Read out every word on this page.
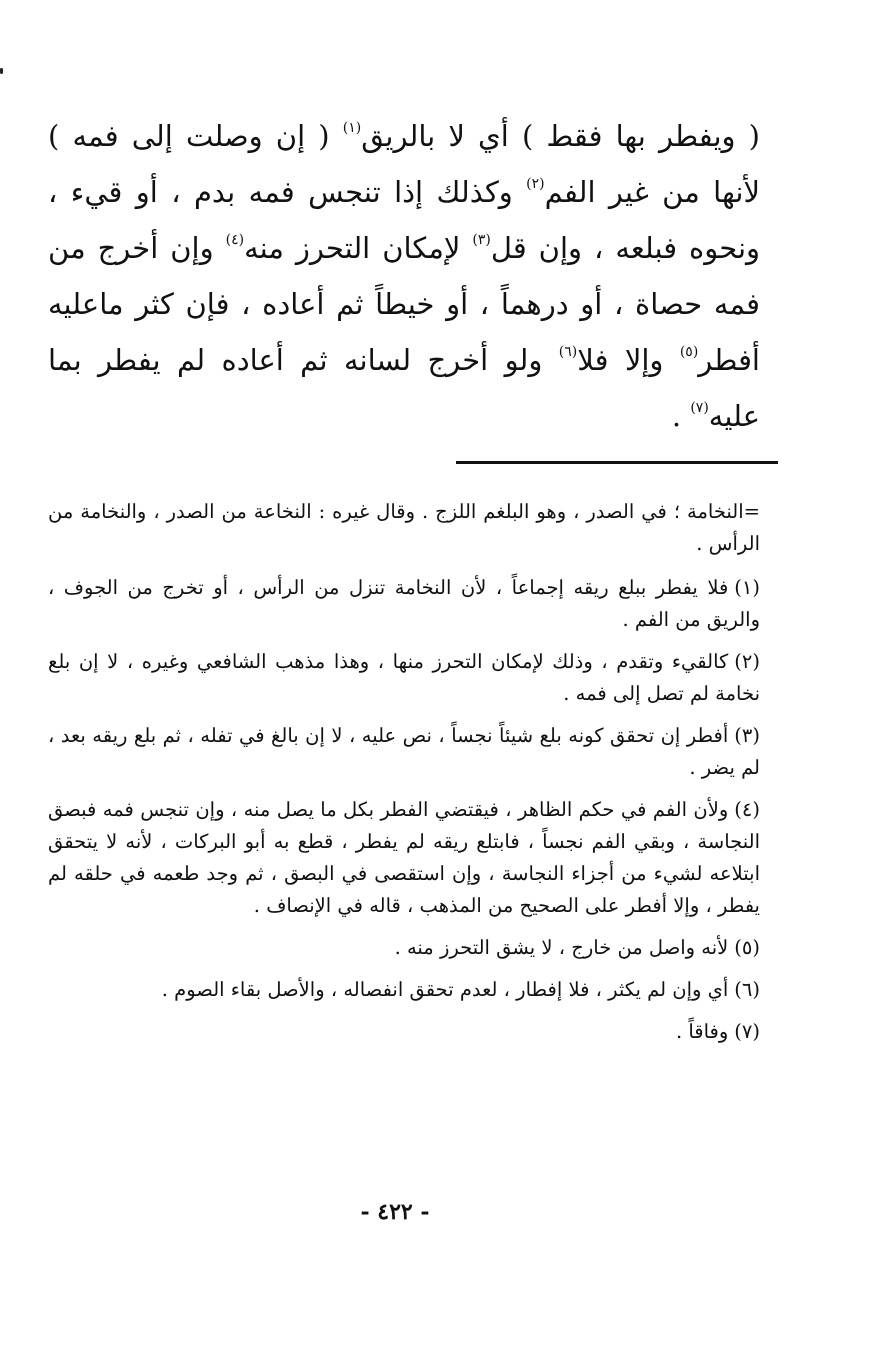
( ويفطر بها فقط ) أي لا بالريق$^{(١)}$ ( إن وصلت إلى فمه ) لأنها من غير الفم$^{(٢)}$ وكذلك إذا تنجس فمه بدم ، أو قيء ، ونحوه فبلعه ، وإن قل$^{(٣)}$ لإمكان التحرز منه$^{(٤)}$ وإن أخرج من فمه حصاة ، أو درهماً ، أو خيطاً ثم أعاده ، فإن كثر ماعليه أفطر$^{(٥)}$ وإلا فلا$^{(٦)}$ ولو أخرج لسانه ثم أعاده لم يفطر بما عليه$^{(٧)}$ .

=النخامة ؛ في الصدر ، وهو البلغم اللزج . وقال غيره : النخاعة من الصدر ، والنخامة من الرأس .

(١)فلا يفطر ببلع ريقه إجماعاً ، لأن النخامة تنزل من الرأس ، أو تخرج من الجوف ، والريق من الفم .

(٢)كالقيء وتقدم ، وذلك لإمكان التحرز منها ، وهذا مذهب الشافعي وغيره ، لا إن بلع نخامة لم تصل إلى فمه .

(٣)أفطر إن تحقق كونه بلع شيئاً نجساً ، نص عليه ، لا إن بالغ في تفله ، ثم بلع ريقه بعد ، لم يضر .

(٤)ولأن الفم في حكم الظاهر ، فيقتضي الفطر بكل ما يصل منه ، وإن تنجس فمه فبصق النجاسة ، وبقي الفم نجساً ، فابتلع ريقه لم يفطر ، قطع به أبو البركات ، لأنه لا يتحقق ابتلاعه لشيء من أجزاء النجاسة ، وإن استقصى في البصق ، ثم وجد طعمه في حلقه لم يفطر ، وإلا أفطر على الصحيح من المذهب ، قاله في الإنصاف .

(٥)لأنه واصل من خارج ، لا يشق التحرز منه .

(٦)أي وإن لم يكثر ، فلا إفطار ، لعدم تحقق انفصاله ، والأصل بقاء الصوم .

(٧)وفاقاً .

- ٤٢٢ -
